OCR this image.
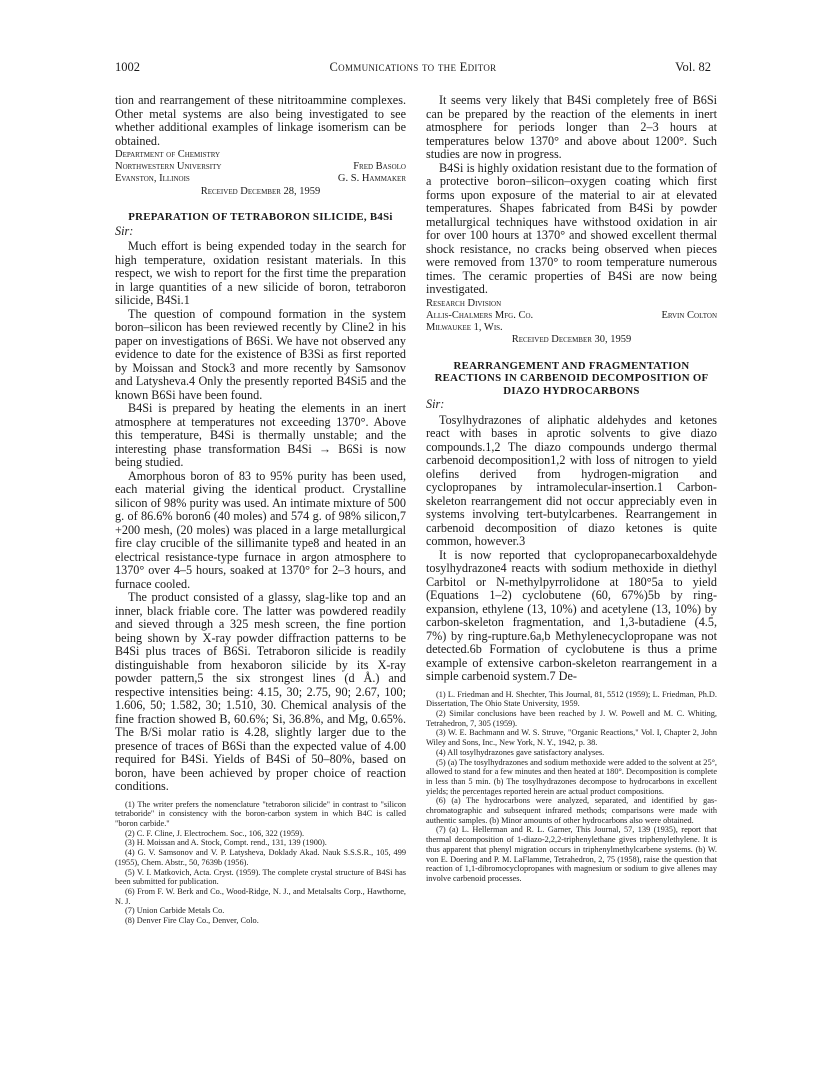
1002	Communications to the Editor	Vol. 82

tion and rearrangement of these nitritoammine complexes. Other metal systems are also being investigated to see whether additional examples of linkage isomerism can be obtained.

Department of Chemistry
Northwestern University	Fred Basolo
Evanston, Illinois	G. S. Hammaker
Received December 28, 1959
PREPARATION OF TETRABORON SILICIDE, B4Si
Sir:

Much effort is being expended today in the search for high temperature, oxidation resistant materials. In this respect, we wish to report for the first time the preparation in large quantities of a new silicide of boron, tetraboron silicide, B4Si.1

The question of compound formation in the system boron–silicon has been reviewed recently by Cline2 in his paper on investigations of B6Si. We have not observed any evidence to date for the existence of B3Si as first reported by Moissan and Stock3 and more recently by Samsonov and Latysheva.4 Only the presently reported B4Si5 and the known B6Si have been found.

B4Si is prepared by heating the elements in an inert atmosphere at temperatures not exceeding 1370°. Above this temperature, B4Si is thermally unstable; and the interesting phase transformation B4Si → B6Si is now being studied.

Amorphous boron of 83 to 95% purity has been used, each material giving the identical product. Crystalline silicon of 98% purity was used. An intimate mixture of 500 g. of 86.6% boron6 (40 moles) and 574 g. of 98% silicon,7 +200 mesh, (20 moles) was placed in a large metallurgical fire clay crucible of the sillimanite type8 and heated in an electrical resistance-type furnace in argon atmosphere to 1370° over 4–5 hours, soaked at 1370° for 2–3 hours, and furnace cooled.

The product consisted of a glassy, slag-like top and an inner, black friable core. The latter was powdered readily and sieved through a 325 mesh screen, the fine portion being shown by X-ray powder diffraction patterns to be B4Si plus traces of B6Si. Tetraboron silicide is readily distinguishable from hexaboron silicide by its X-ray powder pattern,5 the six strongest lines (d Å.) and respective intensities being: 4.15, 30; 2.75, 90; 2.67, 100; 1.606, 50; 1.582, 30; 1.510, 30. Chemical analysis of the fine fraction showed B, 60.6%; Si, 36.8%, and Mg, 0.65%. The B/Si molar ratio is 4.28, slightly larger due to the presence of traces of B6Si than the expected value of 4.00 required for B4Si. Yields of B4Si of 50–80%, based on boron, have been achieved by proper choice of reaction conditions.

(1) The writer prefers the nomenclature "tetraboron silicide" in contrast to "silicon tetraboride" in consistency with the boron-carbon system in which B4C is called "boron carbide."
(2) C. F. Cline, J. Electrochem. Soc., 106, 322 (1959).
(3) H. Moissan and A. Stock, Compt. rend., 131, 139 (1900).
(4) G. V. Samsonov and V. P. Latysheva, Doklady Akad. Nauk S.S.S.R., 105, 499 (1955), Chem. Abstr., 50, 7639b (1956).
(5) V. I. Matkovich, Acta. Cryst. (1959). The complete crystal structure of B4Si has been submitted for publication.
(6) From F. W. Berk and Co., Wood-Ridge, N. J., and Metalsalts Corp., Hawthorne, N. J.
(7) Union Carbide Metals Co.
(8) Denver Fire Clay Co., Denver, Colo.

It seems very likely that B4Si completely free of B6Si can be prepared by the reaction of the elements in inert atmosphere for periods longer than 2–3 hours at temperatures below 1370° and above about 1200°. Such studies are now in progress.

B4Si is highly oxidation resistant due to the formation of a protective boron–silicon–oxygen coating which first forms upon exposure of the material to air at elevated temperatures. Shapes fabricated from B4Si by powder metallurgical techniques have withstood oxidation in air for over 100 hours at 1370° and showed excellent thermal shock resistance, no cracks being observed when pieces were removed from 1370° to room temperature numerous times. The ceramic properties of B4Si are now being investigated.

Research Division
Allis-Chalmers Mfg. Co.	Ervin Colton
Milwaukee 1, Wis.
Received December 30, 1959
REARRANGEMENT AND FRAGMENTATION REACTIONS IN CARBENOID DECOMPOSITION OF DIAZO HYDROCARBONS
Sir:

Tosylhydrazones of aliphatic aldehydes and ketones react with bases in aprotic solvents to give diazo compounds.1,2 The diazo compounds undergo thermal carbenoid decomposition1,2 with loss of nitrogen to yield olefins derived from hydrogen-migration and cyclopropanes by intramolecular-insertion.1 Carbon-skeleton rearrangement did not occur appreciably even in systems involving tert-butylcarbenes. Rearrangement in carbenoid decomposition of diazo ketones is quite common, however.3

It is now reported that cyclopropanecarboxaldehyde tosylhydrazone4 reacts with sodium methoxide in diethyl Carbitol or N-methylpyrrolidone at 180°5a to yield (Equations 1–2) cyclobutene (60, 67%)5b by ring-expansion, ethylene (13, 10%) and acetylene (13, 10%) by carbon-skeleton fragmentation, and 1,3-butadiene (4.5, 7%) by ring-rupture.6a,b Methylenecyclopropane was not detected.6b Formation of cyclobutene is thus a prime example of extensive carbon-skeleton rearrangement in a simple carbenoid system.7 De-

(1) L. Friedman and H. Shechter, This Journal, 81, 5512 (1959); L. Friedman, Ph.D. Dissertation, The Ohio State University, 1959.
(2) Similar conclusions have been reached by J. W. Powell and M. C. Whiting, Tetrahedron, 7, 305 (1959).
(3) W. E. Bachmann and W. S. Struve, "Organic Reactions," Vol. I, Chapter 2, John Wiley and Sons, Inc., New York, N. Y., 1942, p. 38.
(4) All tosylhydrazones gave satisfactory analyses.
(5) (a) The tosylhydrazones and sodium methoxide were added to the solvent at 25°, allowed to stand for a few minutes and then heated at 180°. Decomposition is complete in less than 5 min. (b) The tosylhydrazones decompose to hydrocarbons in excellent yields; the percentages reported herein are actual product compositions.
(6) (a) The hydrocarbons were analyzed, separated, and identified by gas-chromatographic and subsequent infrared methods; comparisons were made with authentic samples. (b) Minor amounts of other hydrocarbons also were obtained.
(7) (a) L. Hellerman and R. L. Garner, This Journal, 57, 139 (1935), report that thermal decomposition of 1-diazo-2,2,2-triphenylethane gives triphenylethylene. It is thus apparent that phenyl migration occurs in triphenylmethylcarbene systems. (b) W. von E. Doering and P. M. LaFlamme, Tetrahedron, 2, 75 (1958), raise the question that reaction of 1,1-dibromocyclopropanes with magnesium or sodium to give allenes may involve carbenoid processes.
